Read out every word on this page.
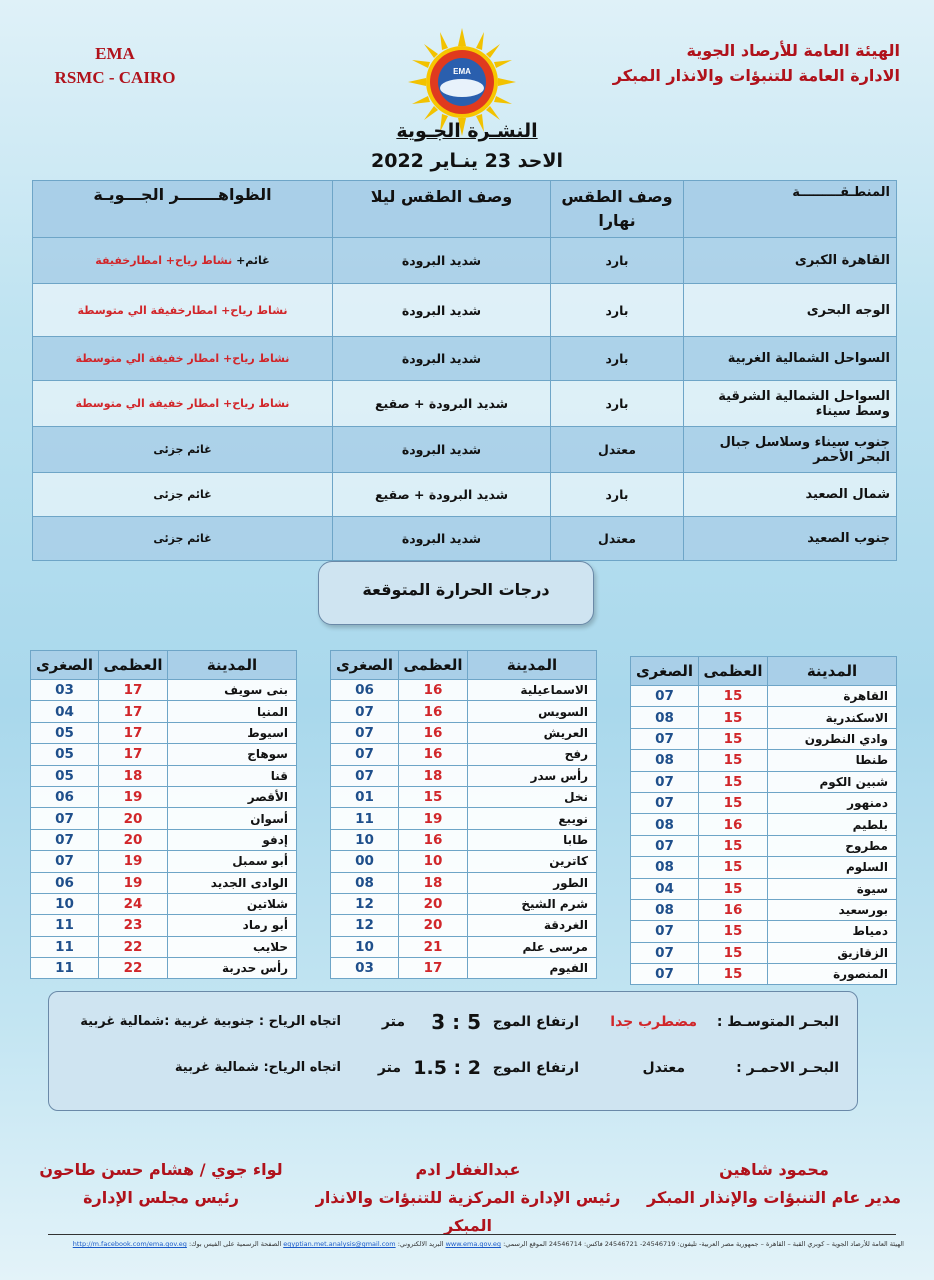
EMA
RSMC - CAIRO
الهيئة العامة للأرصاد الجوية
الادارة العامة للتنبؤات والانذار المبكر
EMA
النشـرة الجـوية
الاحد 23 ينـاير 2022
المنطـقـــــــــة	وصف الطقس نهارا	وصف الطقس ليلا	الظواهـــــــر الجـــويـة
القاهرة الكبرى	بارد	شديد البرودة	غائم+ نشاط رياح+ امطارخفيفة
الوجه البحرى	بارد	شديد البرودة	نشاط رياح+ امطارخفيفة الي متوسطة
السواحل الشمالية الغربية	بارد	شديد البرودة	نشاط رياح+ امطار خفيفة الي متوسطة
السواحل الشمالية الشرقية وسط سيناء	بارد	شديد البرودة + صقيع	نشاط رياح+ امطار خفيفة الي متوسطة
جنوب سيناء وسلاسل جبال البحر الأحمر	معتدل	شديد البرودة	غائم جزئى
شمال الصعيد	بارد	شديد البرودة + صقيع	غائم جزئى
جنوب الصعيد	معتدل	شديد البرودة	غائم جزئى
درجات الحرارة المتوقعة
المدينة	العظمى	الصغرى
القاهرة	15	07
الاسكندرية	15	08
وادي النطرون	15	07
طنطا	15	08
شبين الكوم	15	07
دمنهور	15	07
بلطيم	16	08
مطروح	15	07
السلوم	15	08
سيوة	15	04
بورسعيد	16	08
دمياط	15	07
الزقازيق	15	07
المنصورة	15	07
المدينة	العظمى	الصغرى
الاسماعيلية	16	06
السويس	16	07
العريش	16	07
رفح	16	07
رأس سدر	18	07
نخل	15	01
نويبع	19	11
طابا	16	10
كاترين	10	00
الطور	18	08
شرم الشيخ	20	12
الغردقة	20	12
مرسى علم	21	10
الفيوم	17	03
المدينة	العظمى	الصغرى
بنى سويف	17	03
المنيا	17	04
اسيوط	17	05
سوهاج	17	05
قنا	18	05
الأقصر	19	06
أسوان	20	07
إدفو	20	07
أبو سمبل	19	07
الوادى الجديد	19	06
شلاتين	24	10
أبو رماد	23	11
حلايب	22	11
رأس حدربة	22	11
البحـر المتوسـط :
مضطرب جدا
ارتفاع الموج
3 : 5
متر
اتجاه الرياح : جنوبية غربية :شمالية غربية
البحـر الاحمـر :
معتدل
ارتفاع الموج
1.5 : 2
متر
اتجاه الرياح: شمالية غربية
محمود شاهين
مدير عام التنبؤات والإنذار المبكر
عبدالغفار ادم
رئيس الإدارة المركزية للتنبؤات والانذار المبكر
لواء جوي / هشام حسن طاحون
رئيس مجلس الإدارة
الهيئة العامة للأرصاد الجوية – كوبري القبة – القاهرة – جمهورية مصر العربية- تليفون: 24546719- 24546721 فاكس: 24546714 الموقع الرسمي: www.ema.gov.eg البريد الالكتروني: egyptian.met.analysis@gmail.com الصفحة الرسمية على الفيس بوك: http://m.facebook.com/ema.gov.eg
